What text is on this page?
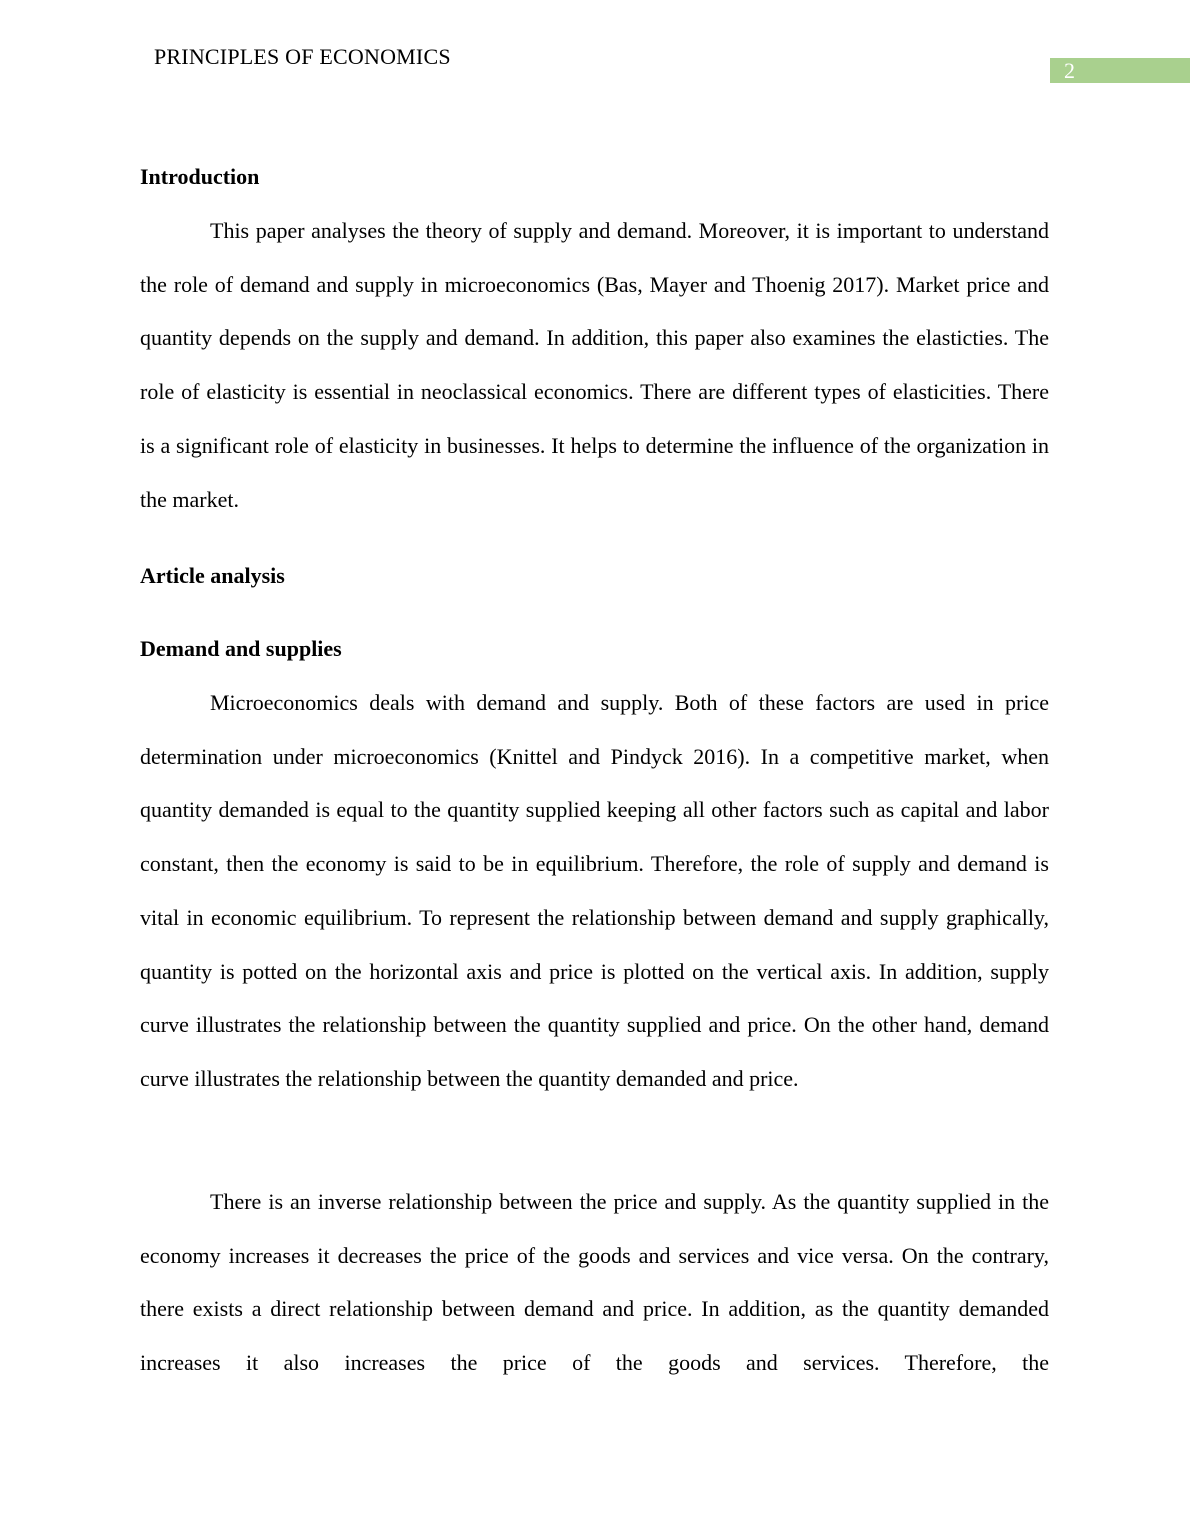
PRINCIPLES OF ECONOMICS
2
Introduction

This paper analyses the theory of supply and demand. Moreover, it is important to understand the role of demand and supply in microeconomics (Bas, Mayer and Thoenig 2017). Market price and quantity depends on the supply and demand. In addition, this paper also examines the elasticties. The role of elasticity is essential in neoclassical economics. There are different types of elasticities. There is a significant role of elasticity in businesses. It helps to determine the influence of the organization in the market.

Article analysis
Demand and supplies

Microeconomics deals with demand and supply. Both of these factors are used in price determination under microeconomics (Knittel and Pindyck 2016). In a competitive market, when quantity demanded is equal to the quantity supplied keeping all other factors such as capital and labor constant, then the economy is said to be in equilibrium. Therefore, the role of supply and demand is vital in economic equilibrium. To represent the relationship between demand and supply graphically, quantity is potted on the horizontal axis and price is plotted on the vertical axis. In addition, supply curve illustrates the relationship between the quantity supplied and price. On the other hand, demand curve illustrates the relationship between the quantity demanded and price.

There is an inverse relationship between the price and supply. As the quantity supplied in the economy increases it decreases the price of the goods and services and vice versa. On the contrary, there exists a direct relationship between demand and price. In addition, as the quantity demanded increases it also increases the price of the goods and services. Therefore, the
